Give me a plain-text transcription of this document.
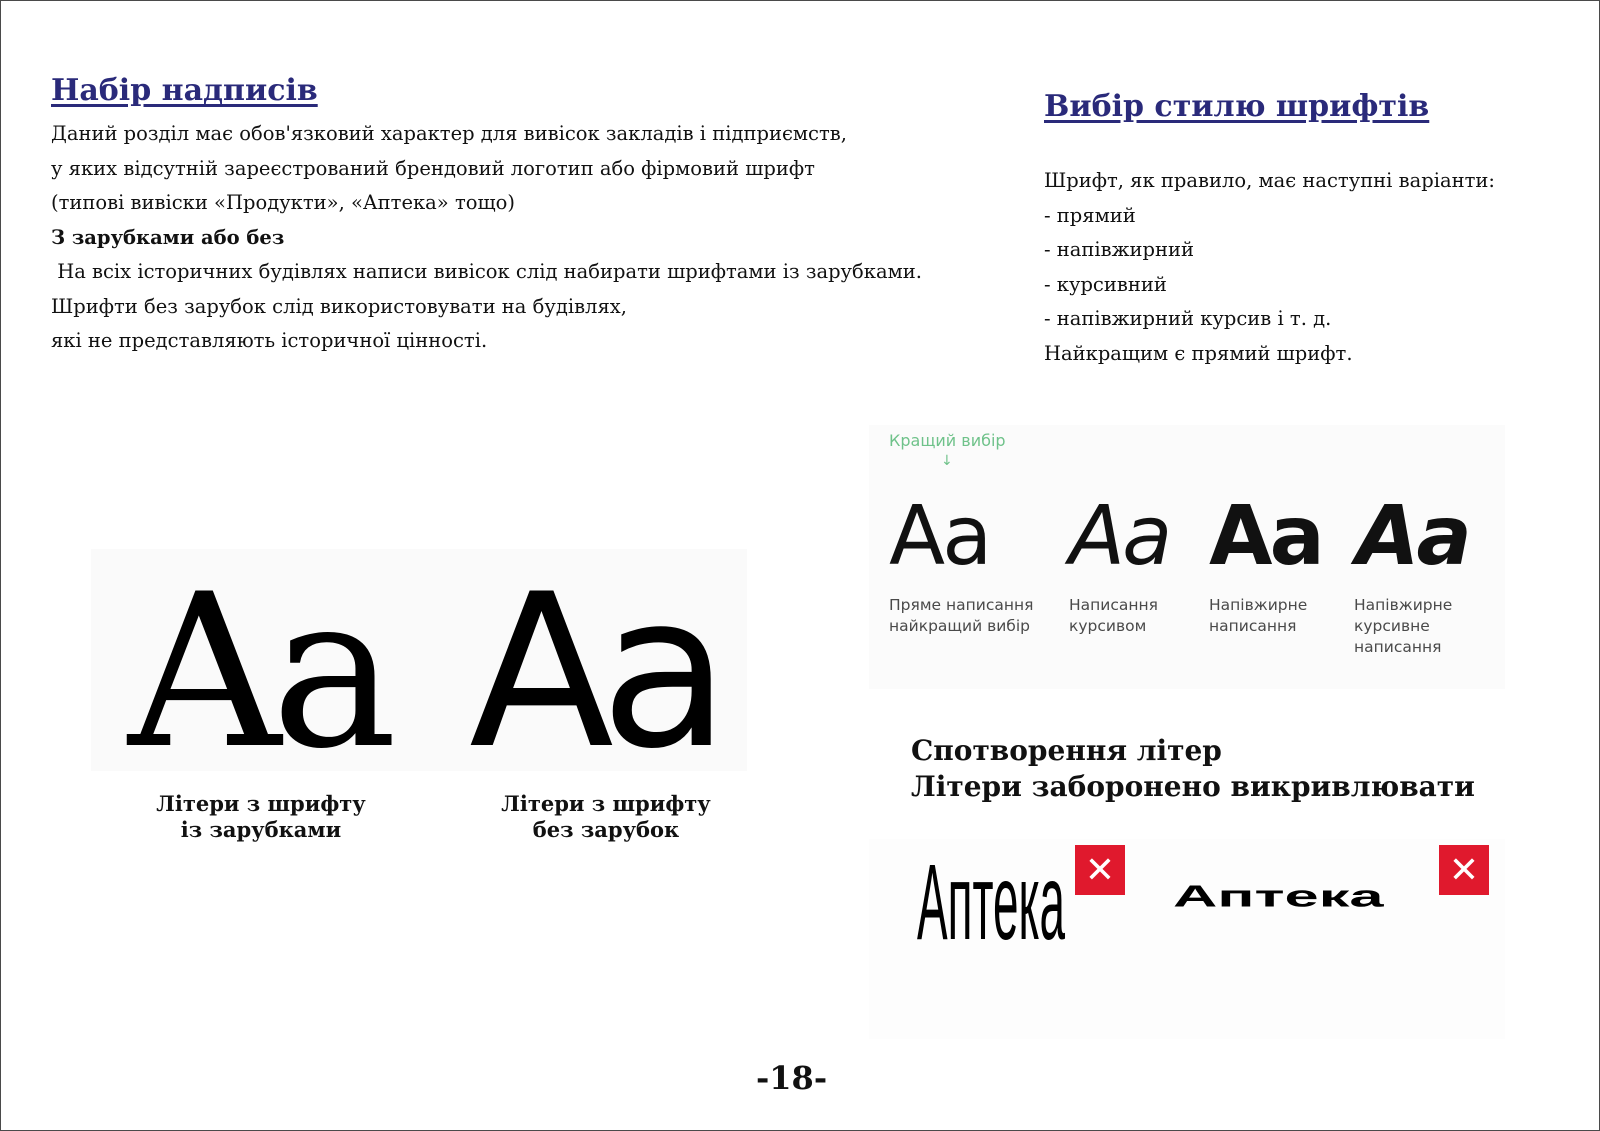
Набір надписів
Даний розділ має обов'язковий характер для вивісок закладів і підприємств,
у яких відсутній зареєстрований брендовий логотип або фірмовий шрифт
(типові вивіски «Продукти», «Аптека» тощо)
З зарубками або без
На всіх історичних будівлях написи вивісок слід набирати шрифтами із зарубками.
Шрифти без зарубок слід використовувати на будівлях,
які не представляють історичної цінності.
Вибір стилю шрифтів
Шрифт, як правило, має наступні варіанти:
- прямий
- напівжирний
- курсивний
- напівжирний курсив і т. д.
Найкращим є прямий шрифт.
Aa Aa
Літери з шрифту
із зарубками
Літери з шрифту
без зарубок
Кращий вибір
↓
Aa Aa Aa Aa
Пряме написання
найкращий вибір
Написання
курсивом
Напівжирне
написання
Напівжирне
курсивне
написання
Спотворення літер
Літери заборонено викривлювати
Аптека	Аптека
✕	✕
-18-
